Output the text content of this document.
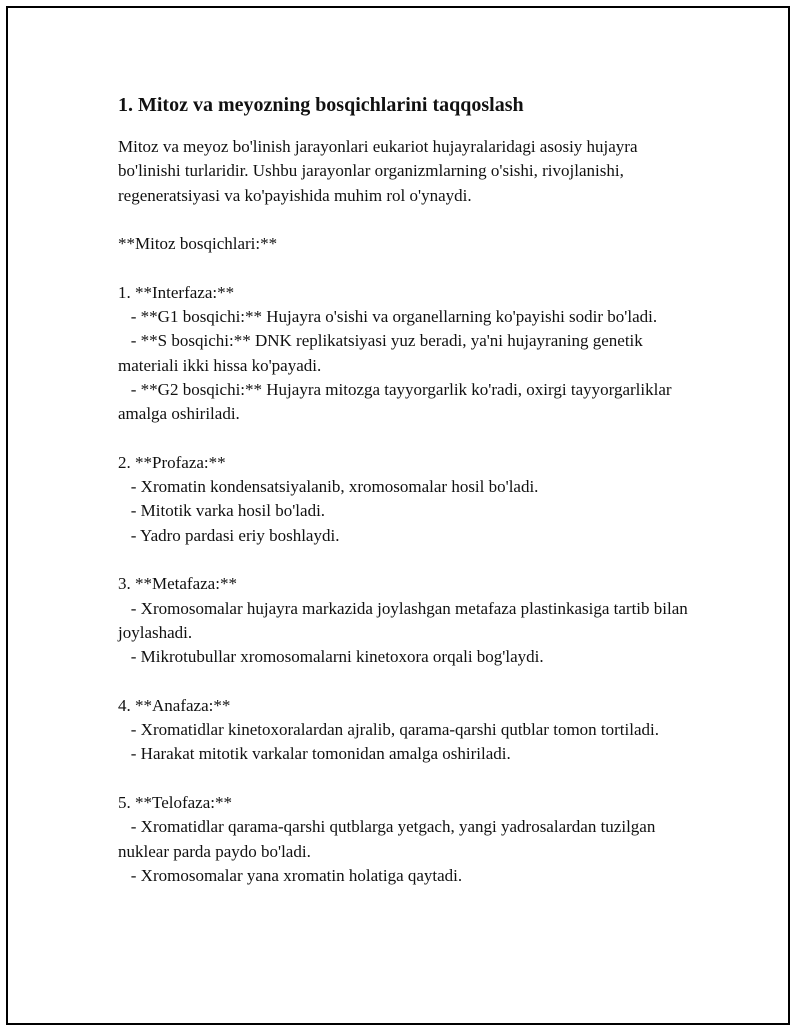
1. Mitoz va meyozning bosqichlarini taqqoslash

Mitoz va meyoz bo'linish jarayonlari eukariot hujayralaridagi asosiy hujayra bo'linishi turlaridir. Ushbu jarayonlar organizmlarning o'sishi, rivojlanishi, regeneratsiyasi va ko'payishida muhim rol o'ynaydi.

**Mitoz bosqichlari:**
1. **Interfaza:**
- **G1 bosqichi:** Hujayra o'sishi va organellarning ko'payishi sodir bo'ladi.
- **S bosqichi:** DNK replikatsiyasi yuz beradi, ya'ni hujayraning genetik materiali ikki hissa ko'payadi.
- **G2 bosqichi:** Hujayra mitozga tayyorgarlik ko'radi, oxirgi tayyorgarliklar amalga oshiriladi.
2. **Profaza:**
- Xromatin kondensatsiyalanib, xromosomalar hosil bo'ladi.
- Mitotik varka hosil bo'ladi.
- Yadro pardasi eriy boshlaydi.
3. **Metafaza:**
- Xromosomalar hujayra markazida joylashgan metafaza plastinkasiga tartib bilan joylashadi.
- Mikrotubullar xromosomalarni kinetoxora orqali bog'laydi.
4. **Anafaza:**
- Xromatidlar kinetoxoralardan ajralib, qarama-qarshi qutblar tomon tortiladi.
- Harakat mitotik varkalar tomonidan amalga oshiriladi.
5. **Telofaza:**
- Xromatidlar qarama-qarshi qutblarga yetgach, yangi yadrosalardan tuzilgan nuklear parda paydo bo'ladi.
- Xromosomalar yana xromatin holatiga qaytadi.
